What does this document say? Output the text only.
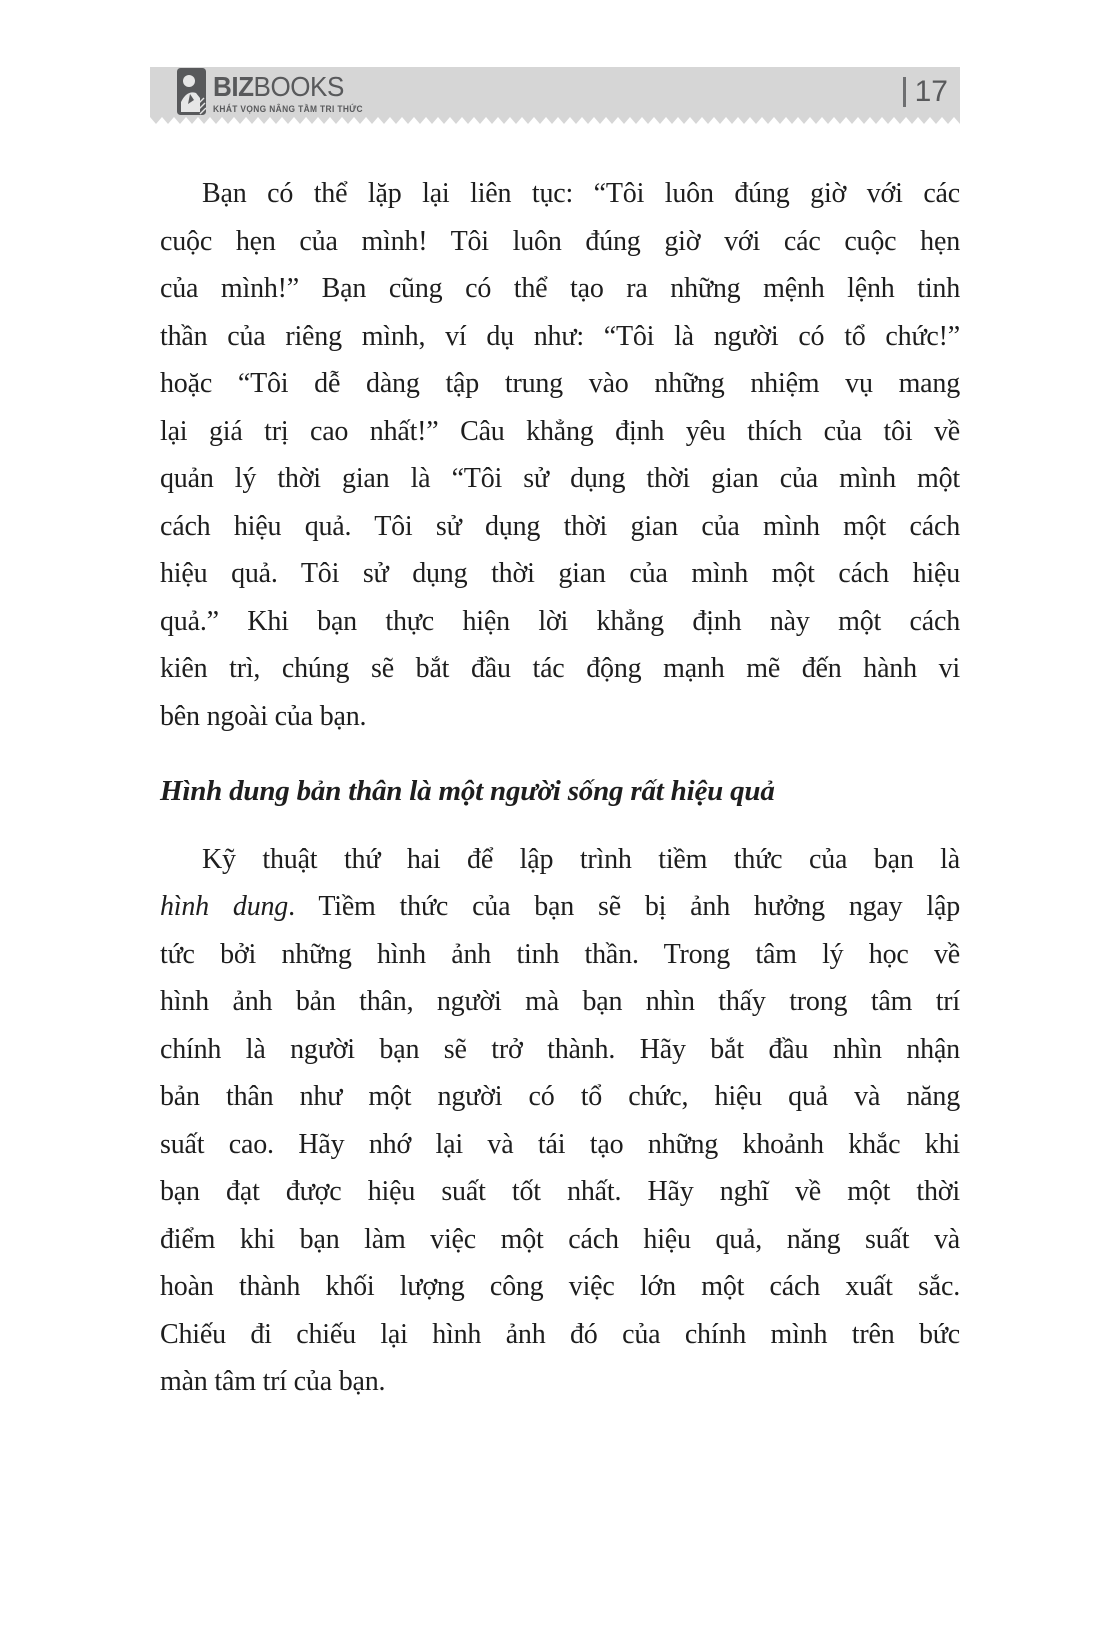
BIZBOOKS
KHÁT VỌNG NÂNG TẦM TRI THỨC
17
Bạn có thể lặp lại liên tục: “Tôi luôn đúng giờ với các
cuộc hẹn của mình! Tôi luôn đúng giờ với các cuộc hẹn
của mình!” Bạn cũng có thể tạo ra những mệnh lệnh tinh
thần của riêng mình, ví dụ như: “Tôi là người có tổ chức!”
hoặc “Tôi dễ dàng tập trung vào những nhiệm vụ mang
lại giá trị cao nhất!” Câu khẳng định yêu thích của tôi về
quản lý thời gian là “Tôi sử dụng thời gian của mình một
cách hiệu quả. Tôi sử dụng thời gian của mình một cách
hiệu quả. Tôi sử dụng thời gian của mình một cách hiệu
quả.” Khi bạn thực hiện lời khẳng định này một cách
kiên trì, chúng sẽ bắt đầu tác động mạnh mẽ đến hành vi
bên ngoài của bạn.
Hình dung bản thân là một người sống rất hiệu quả
Kỹ thuật thứ hai để lập trình tiềm thức của bạn là
hình dung. Tiềm thức của bạn sẽ bị ảnh hưởng ngay lập
tức bởi những hình ảnh tinh thần. Trong tâm lý học về
hình ảnh bản thân, người mà bạn nhìn thấy trong tâm trí
chính là người bạn sẽ trở thành. Hãy bắt đầu nhìn nhận
bản thân như một người có tổ chức, hiệu quả và năng
suất cao. Hãy nhớ lại và tái tạo những khoảnh khắc khi
bạn đạt được hiệu suất tốt nhất. Hãy nghĩ về một thời
điểm khi bạn làm việc một cách hiệu quả, năng suất và
hoàn thành khối lượng công việc lớn một cách xuất sắc.
Chiếu đi chiếu lại hình ảnh đó của chính mình trên bức
màn tâm trí của bạn.
